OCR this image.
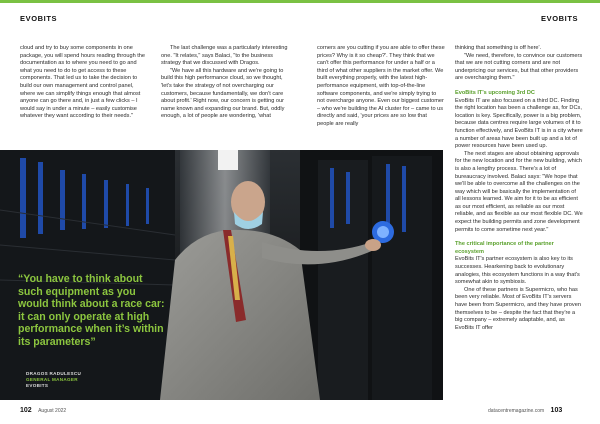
EVOBITS	EVOBITS

cloud and try to buy some components in one package, you will spend hours reading through the documentation as to where you need to go and what you need to do to get access to these components. That led us to take the decision to build our own management and control panel, where we can simplify things enough that almost anyone can go there and, in just a few clicks – I would say in under a minute – easily customise whatever they want according to their needs."

The last challenge was a particularly interesting one. "It relates," says Balaci, "to the business strategy that we discussed with Dragos.

"We have all this hardware and we're going to build this high performance cloud, so we thought, 'let's take the strategy of not overcharging our customers, because fundamentally, we don't care about profit.' Right now, our concern is getting our name known and expanding our brand. But, oddly enough, a lot of people are wondering, 'what

corners are you cutting if you are able to offer these prices? Why is it so cheap?'. They think that we can't offer this performance for under a half or a third of what other suppliers in the market offer. We built everything properly, with the latest high-performance equipment, with top-of-the-line software components, and we're simply trying to not overcharge anyone. Even our biggest customer – who we're building the AI cluster for – came to us directly and said, 'your prices are so low that people are really

thinking that something is off here'.

"We need, therefore, to convince our customers that we are not cutting corners and are not underpricing our services, but that other providers are overcharging them."

EvoBits IT's upcoming 3rd DC

EvoBits IT are also focused on a third DC. Finding the right location has been a challenge as, for DCs, location is key. Specifically, power is a big problem, because data centres require large volumes of it to function effectively, and EvoBits IT is in a city where a number of areas have been built up and a lot of power resources have been used up.

The next stages are about obtaining approvals for the new location and for the new building, which is also a lengthy process. There's a lot of bureaucracy involved. Balaci says: "We hope that we'll be able to overcome all the challenges on the way which will be basically the implementation of all lessons learned. We aim for it to be as efficient as our most efficient, as reliable as our most reliable, and as flexible as our most flexible DC. We expect the building permits and zone development permits to come sometime next year."

The critical importance of the partner ecosystem

EvoBits IT's partner ecosystem is also key to its successes. Hearkening back to evolutionary analogies, this ecosystem functions in a way that's somewhat akin to symbiosis.

One of these partners is Supermicro, who has been very reliable. Most of EvoBits IT's servers have been from Supermicro, and they have proven themselves to be – despite the fact that they're a big company – extremely adaptable, and, as EvoBits IT offer

“You have to think about such equipment as you would think about a race car: it can only operate at high performance when it’s within its parameters”
DRAGOS RADULESCU
GENERAL MANAGER
EVOBITS
102 August 2022	datacentremagazine.com 103
